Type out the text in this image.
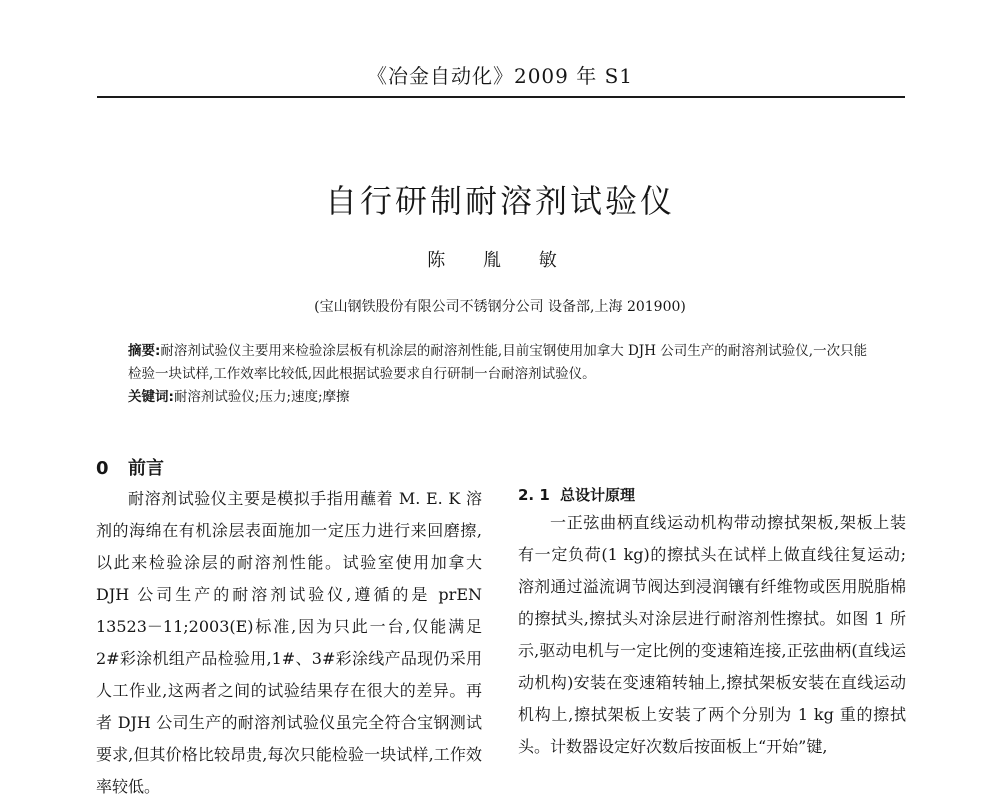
《冶金自动化》2009 年 S1
自行研制耐溶剂试验仪
陈 胤 敏
(宝山钢铁股份有限公司不锈钢分公司 设备部,上海 201900)
摘要:耐溶剂试验仪主要用来检验涂层板有机涂层的耐溶剂性能,目前宝钢使用加拿大 DJH 公司生产的耐溶剂试验仪,一次只能检验一块试样,工作效率比较低,因此根据试验要求自行研制一台耐溶剂试验仪。
关键词:耐溶剂试验仪;压力;速度;摩擦
0 前言
耐溶剂试验仪主要是模拟手指用蘸着 M. E. K 溶剂的海绵在有机涂层表面施加一定压力进行来回磨擦,以此来检验涂层的耐溶剂性能。试验室使用加拿大 DJH 公司生产的耐溶剂试验仪,遵循的是 prEN 13523－11;2003(E)标准,因为只此一台,仅能满足 2#彩涂机组产品检验用,1#、3#彩涂线产品现仍采用人工作业,这两者之间的试验结果存在很大的差异。再者 DJH 公司生产的耐溶剂试验仪虽完全符合宝钢测试要求,但其价格比较昂贵,每次只能检验一块试样,工作效率较低。
2. 1 总设计原理
一正弦曲柄直线运动机构带动擦拭架板,架板上装有一定负荷(1 kg)的擦拭头在试样上做直线往复运动;溶剂通过溢流调节阀达到浸润镶有纤维物或医用脱脂棉的擦拭头,擦拭头对涂层进行耐溶剂性擦拭。如图 1 所示,驱动电机与一定比例的变速箱连接,正弦曲柄(直线运动机构)安装在变速箱转轴上,擦拭架板安装在直线运动机构上,擦拭架板上安装了两个分别为 1 kg 重的擦拭头。计数器设定好次数后按面板上“开始”键,
